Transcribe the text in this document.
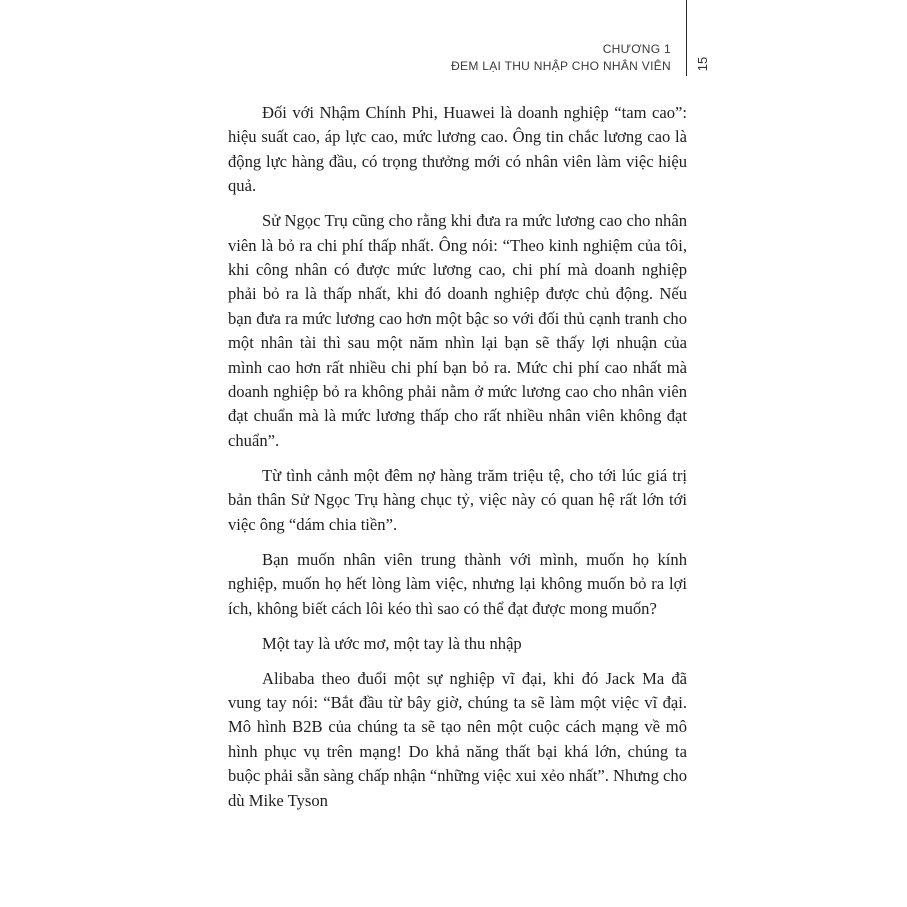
CHƯƠNG 1
ĐEM LẠI THU NHẬP CHO NHÂN VIÊN 15

Đối với Nhậm Chính Phi, Huawei là doanh nghiệp “tam cao”: hiệu suất cao, áp lực cao, mức lương cao. Ông tin chắc lương cao là động lực hàng đầu, có trọng thưởng mới có nhân viên làm việc hiệu quả.

Sử Ngọc Trụ cũng cho rằng khi đưa ra mức lương cao cho nhân viên là bỏ ra chi phí thấp nhất. Ông nói: “Theo kinh nghiệm của tôi, khi công nhân có được mức lương cao, chi phí mà doanh nghiệp phải bỏ ra là thấp nhất, khi đó doanh nghiệp được chủ động. Nếu bạn đưa ra mức lương cao hơn một bậc so với đối thủ cạnh tranh cho một nhân tài thì sau một năm nhìn lại bạn sẽ thấy lợi nhuận của mình cao hơn rất nhiều chi phí bạn bỏ ra. Mức chi phí cao nhất mà doanh nghiệp bỏ ra không phải nằm ở mức lương cao cho nhân viên đạt chuẩn mà là mức lương thấp cho rất nhiều nhân viên không đạt chuẩn”.

Từ tình cảnh một đêm nợ hàng trăm triệu tệ, cho tới lúc giá trị bản thân Sử Ngọc Trụ hàng chục tỷ, việc này có quan hệ rất lớn tới việc ông “dám chia tiền”.

Bạn muốn nhân viên trung thành với mình, muốn họ kính nghiệp, muốn họ hết lòng làm việc, nhưng lại không muốn bỏ ra lợi ích, không biết cách lôi kéo thì sao có thể đạt được mong muốn?

Một tay là ước mơ, một tay là thu nhập

Alibaba theo đuổi một sự nghiệp vĩ đại, khi đó Jack Ma đã vung tay nói: “Bắt đầu từ bây giờ, chúng ta sẽ làm một việc vĩ đại. Mô hình B2B của chúng ta sẽ tạo nên một cuộc cách mạng về mô hình phục vụ trên mạng! Do khả năng thất bại khá lớn, chúng ta buộc phải sẵn sàng chấp nhận “những việc xui xẻo nhất”. Nhưng cho dù Mike Tyson
